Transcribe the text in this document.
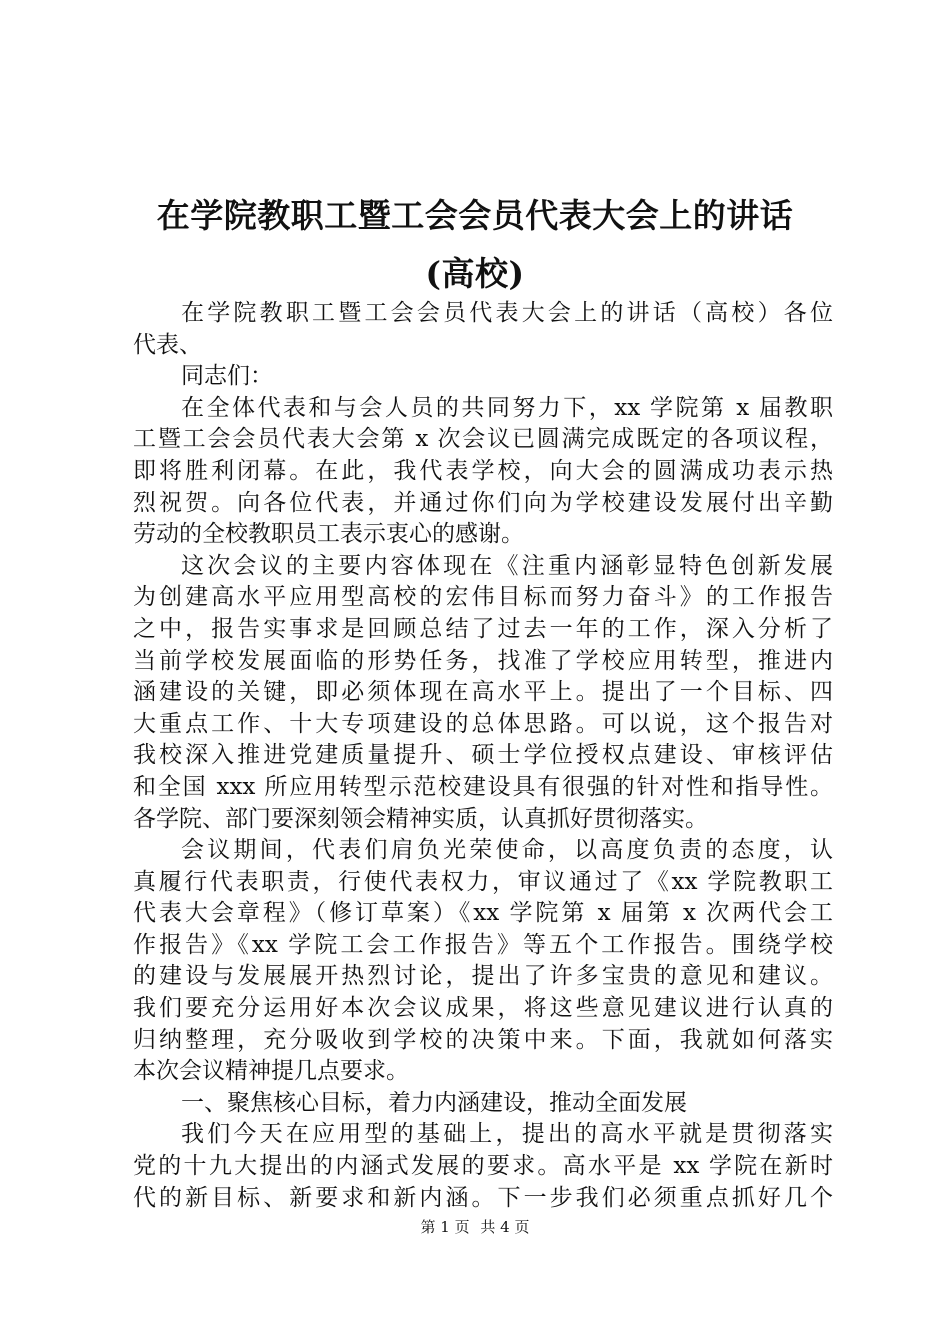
在学院教职工暨工会会员代表大会上的讲话
(高校)
在学院教职工暨工会会员代表大会上的讲话（高校）各位
代表、
同志们：
在全体代表和与会人员的共同努力下，xx 学院第 x 届教职
工暨工会会员代表大会第 x 次会议已圆满完成既定的各项议程，
即将胜利闭幕。在此，我代表学校，向大会的圆满成功表示热
烈祝贺。向各位代表，并通过你们向为学校建设发展付出辛勤
劳动的全校教职员工表示衷心的感谢。
这次会议的主要内容体现在《注重内涵彰显特色创新发展
为创建高水平应用型高校的宏伟目标而努力奋斗》的工作报告
之中，报告实事求是回顾总结了过去一年的工作，深入分析了
当前学校发展面临的形势任务，找准了学校应用转型，推进内
涵建设的关键，即必须体现在高水平上。提出了一个目标、四
大重点工作、十大专项建设的总体思路。可以说，这个报告对
我校深入推进党建质量提升、硕士学位授权点建设、审核评估
和全国 xxx 所应用转型示范校建设具有很强的针对性和指导性。
各学院、部门要深刻领会精神实质，认真抓好贯彻落实。
会议期间，代表们肩负光荣使命，以高度负责的态度，认
真履行代表职责，行使代表权力，审议通过了《xx 学院教职工
代表大会章程》（修订草案）《xx 学院第 x 届第 x 次两代会工
作报告》《xx 学院工会工作报告》等五个工作报告。围绕学校
的建设与发展展开热烈讨论，提出了许多宝贵的意见和建议。
我们要充分运用好本次会议成果，将这些意见建议进行认真的
归纳整理，充分吸收到学校的决策中来。下面，我就如何落实
本次会议精神提几点要求。
一、聚焦核心目标，着力内涵建设，推动全面发展
我们今天在应用型的基础上，提出的高水平就是贯彻落实
党的十九大提出的内涵式发展的要求。高水平是 xx 学院在新时
代的新目标、新要求和新内涵。下一步我们必须重点抓好几个
第 1 页 共 4 页
